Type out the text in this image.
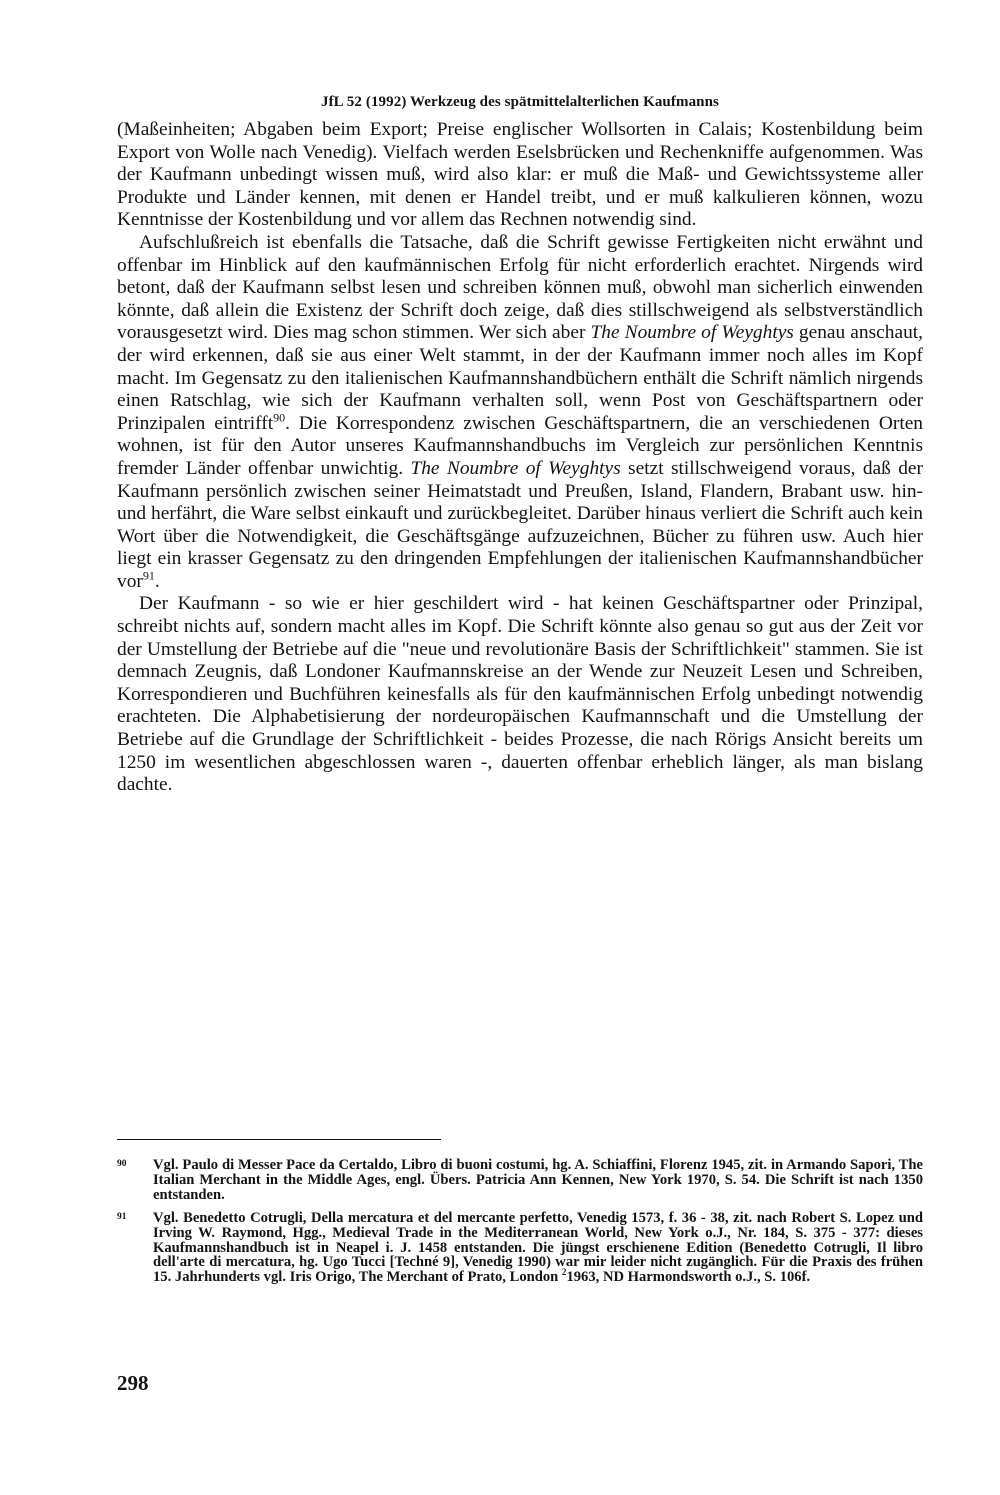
JfL 52 (1992) Werkzeug des spätmittelalterlichen Kaufmanns

(Maßeinheiten; Abgaben beim Export; Preise englischer Wollsorten in Calais; Kostenbildung beim Export von Wolle nach Venedig). Vielfach werden Eselsbrücken und Rechenkniffe aufgenommen. Was der Kaufmann unbedingt wissen muß, wird also klar: er muß die Maß- und Gewichtssysteme aller Produkte und Länder kennen, mit denen er Handel treibt, und er muß kalkulieren können, wozu Kenntnisse der Kostenbildung und vor allem das Rechnen notwendig sind.

Aufschlußreich ist ebenfalls die Tatsache, daß die Schrift gewisse Fertigkeiten nicht erwähnt und offenbar im Hinblick auf den kaufmännischen Erfolg für nicht erforderlich erachtet. Nirgends wird betont, daß der Kaufmann selbst lesen und schreiben können muß, obwohl man sicherlich einwenden könnte, daß allein die Existenz der Schrift doch zeige, daß dies stillschweigend als selbstverständlich vorausgesetzt wird. Dies mag schon stimmen. Wer sich aber The Noumbre of Weyghtys genau anschaut, der wird erkennen, daß sie aus einer Welt stammt, in der der Kaufmann immer noch alles im Kopf macht. Im Gegensatz zu den italienischen Kaufmannshandbüchern enthält die Schrift nämlich nirgends einen Ratschlag, wie sich der Kaufmann verhalten soll, wenn Post von Geschäftspartnern oder Prinzipalen eintrifft$^{90}$. Die Korrespondenz zwischen Geschäftspartnern, die an verschiedenen Orten wohnen, ist für den Autor unseres Kaufmannshandbuchs im Vergleich zur persönlichen Kenntnis fremder Länder offenbar unwichtig. The Noumbre of Weyghtys setzt stillschweigend voraus, daß der Kaufmann persönlich zwischen seiner Heimatstadt und Preußen, Island, Flandern, Brabant usw. hin- und herfährt, die Ware selbst einkauft und zurückbegleitet. Darüber hinaus verliert die Schrift auch kein Wort über die Notwendigkeit, die Geschäftsgänge aufzuzeichnen, Bücher zu führen usw. Auch hier liegt ein krasser Gegensatz zu den dringenden Empfehlungen der italienischen Kaufmannshandbücher vor$^{91}$.

Der Kaufmann - so wie er hier geschildert wird - hat keinen Geschäftspartner oder Prinzipal, schreibt nichts auf, sondern macht alles im Kopf. Die Schrift könnte also genau so gut aus der Zeit vor der Umstellung der Betriebe auf die "neue und revolutionäre Basis der Schriftlichkeit" stammen. Sie ist demnach Zeugnis, daß Londoner Kaufmannskreise an der Wende zur Neuzeit Lesen und Schreiben, Korrespondieren und Buchführen keinesfalls als für den kaufmännischen Erfolg unbedingt notwendig erachteten. Die Alphabetisierung der nordeuropäischen Kaufmannschaft und die Umstellung der Betriebe auf die Grundlage der Schriftlichkeit - beides Prozesse, die nach Rörigs Ansicht bereits um 1250 im wesentlichen abgeschlossen waren -, dauerten offenbar erheblich länger, als man bislang dachte.

90 Vgl. Paulo di Messer Pace da Certaldo, Libro di buoni costumi, hg. A. Schiaffini, Florenz 1945, zit. in Armando Sapori, The Italian Merchant in the Middle Ages, engl. Übers. Patricia Ann Kennen, New York 1970, S. 54. Die Schrift ist nach 1350 entstanden.
91 Vgl. Benedetto Cotrugli, Della mercatura et del mercante perfetto, Venedig 1573, f. 36 - 38, zit. nach Robert S. Lopez und Irving W. Raymond, Hgg., Medieval Trade in the Mediterranean World, New York o.J., Nr. 184, S. 375 - 377: dieses Kaufmannshandbuch ist in Neapel i. J. 1458 entstanden. Die jüngst erschienene Edition (Benedetto Cotrugli, Il libro dell'arte di mercatura, hg. Ugo Tucci [Techné 9], Venedig 1990) war mir leider nicht zugänglich. Für die Praxis des frühen 15. Jahrhunderts vgl. Iris Origo, The Merchant of Prato, London $^2$1963, ND Harmondsworth o.J., S. 106f.
298
